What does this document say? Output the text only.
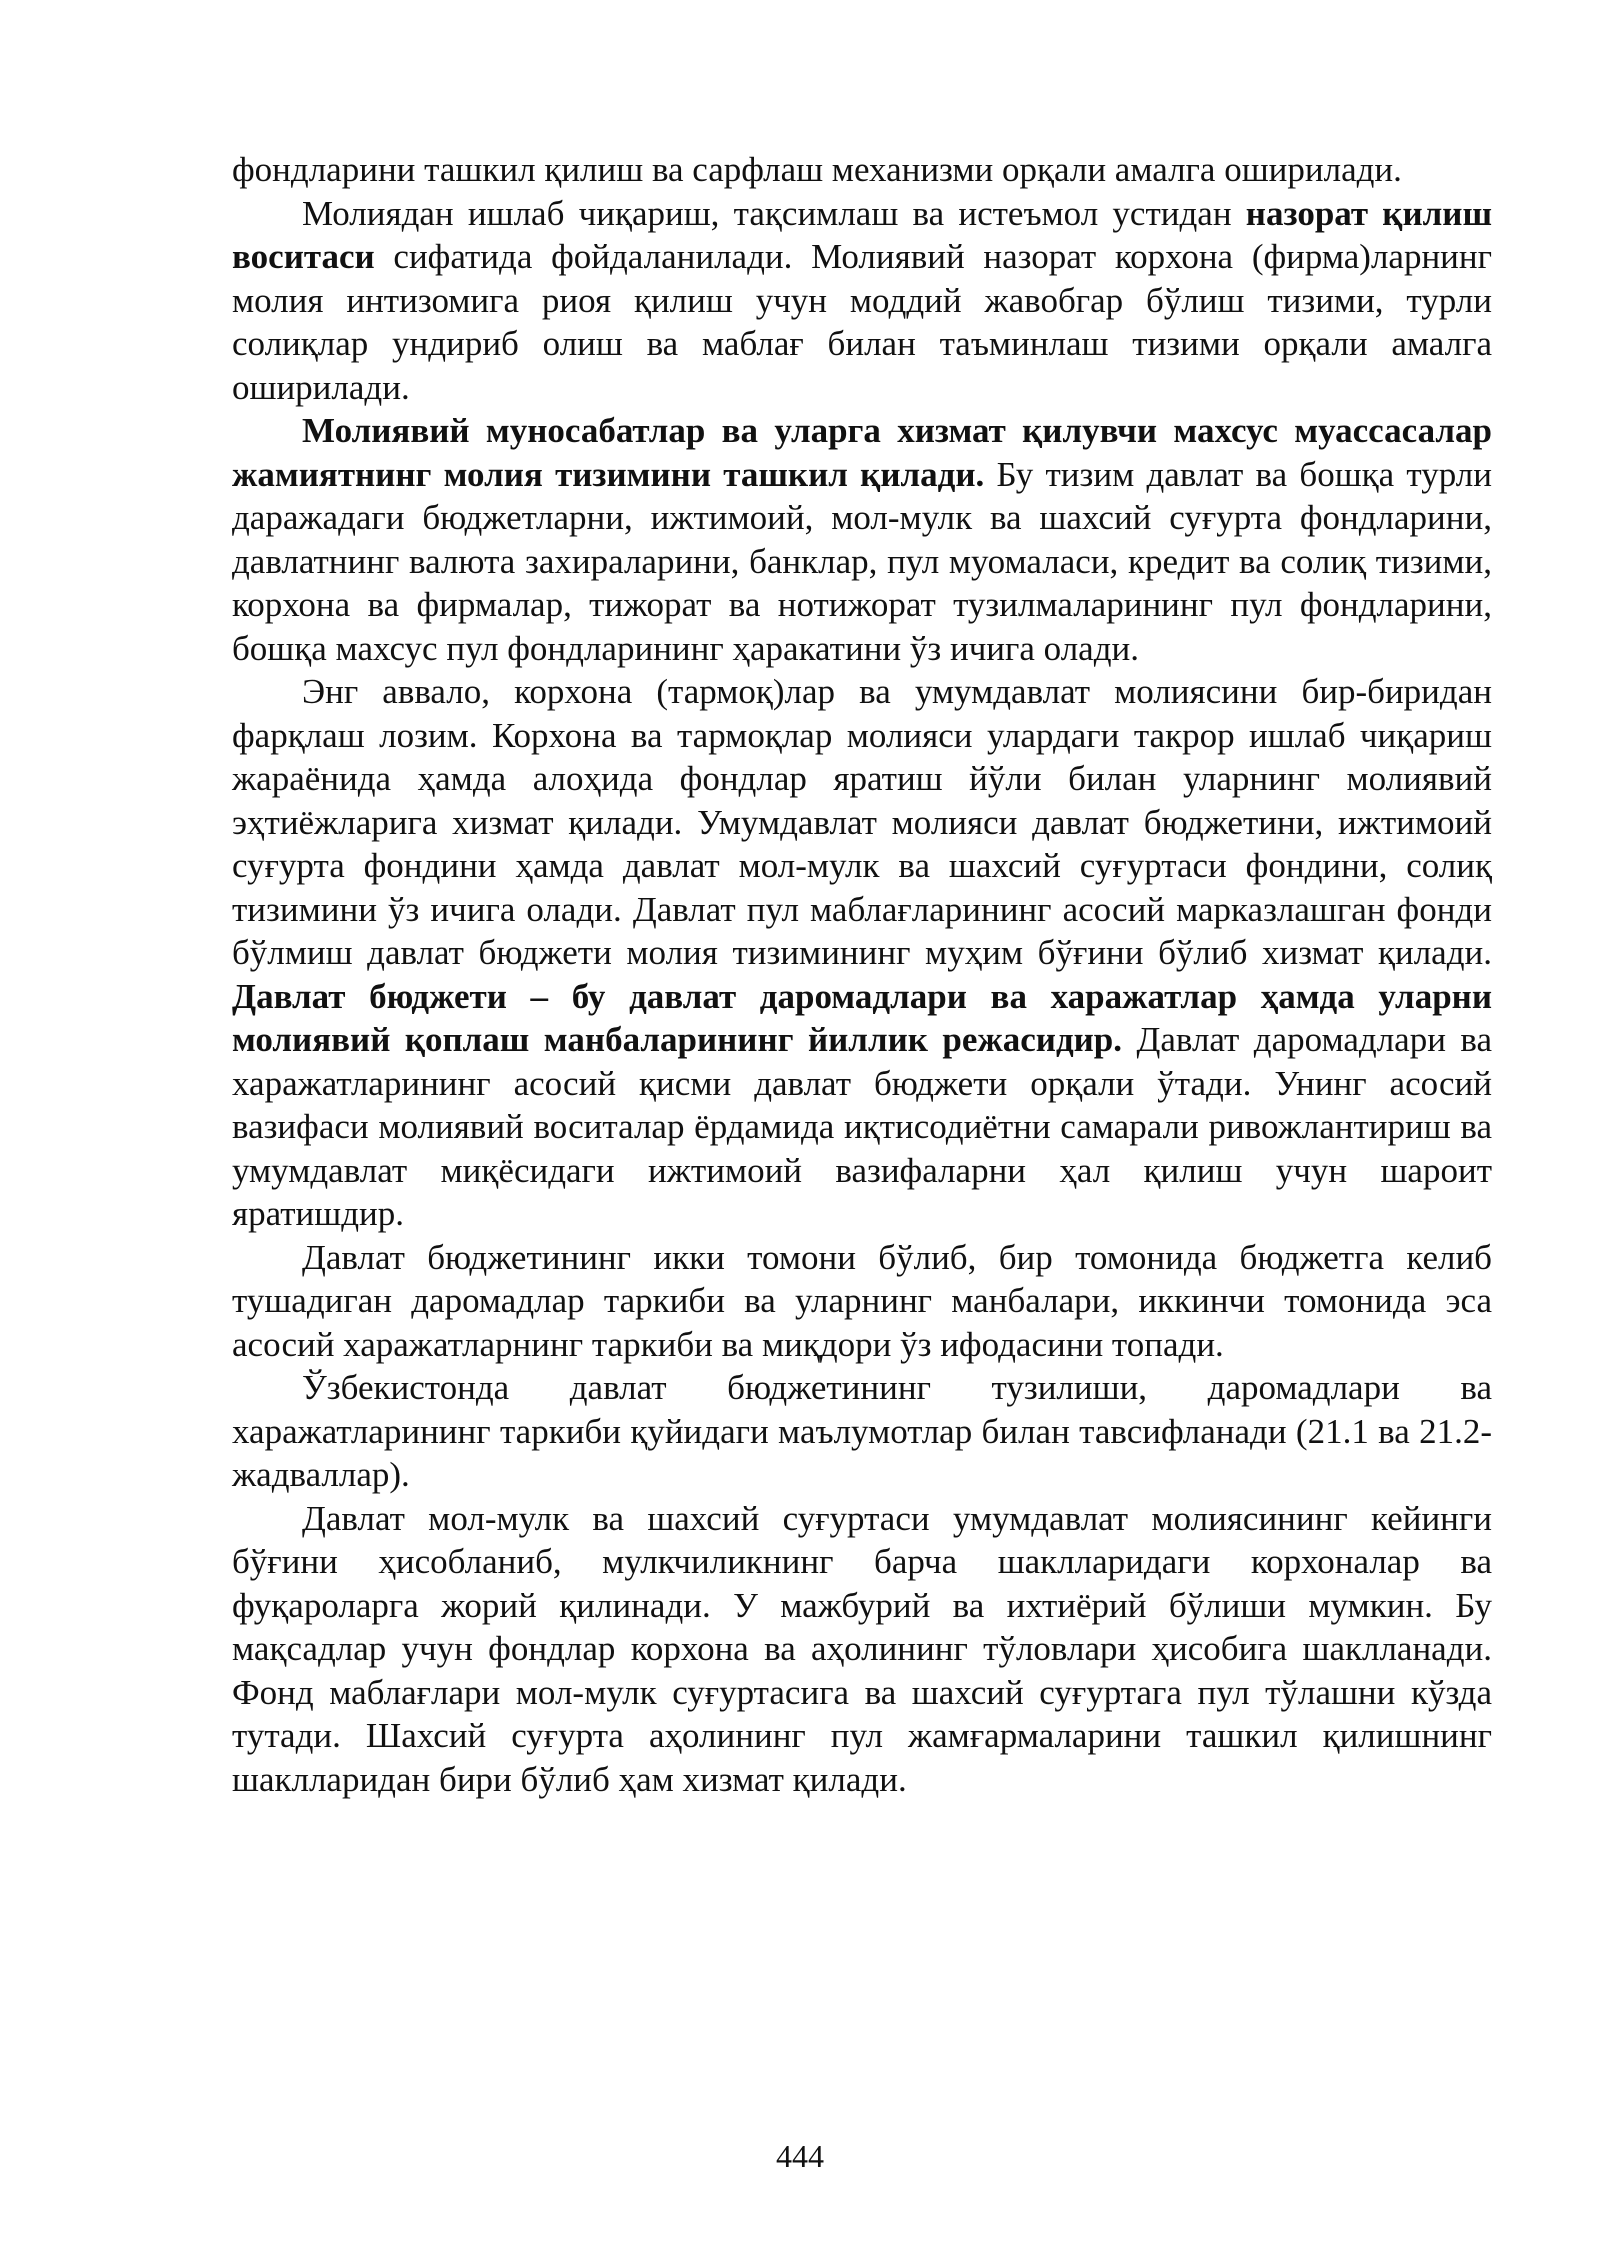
фондларини ташкил қилиш ва сарфлаш механизми орқали амалга оширилади.

Молиядан ишлаб чиқариш, тақсимлаш ва истеъмол устидан назорат қилиш воситаси сифатида фойдаланилади. Молиявий назорат корхона (фирма)ларнинг молия интизомига риоя қилиш учун моддий жавобгар бўлиш тизими, турли солиқлар ундириб олиш ва маблағ билан таъминлаш тизими орқали амалга оширилади.

Молиявий муносабатлар ва уларга хизмат қилувчи махсус муассасалар жамиятнинг молия тизимини ташкил қилади. Бу тизим давлат ва бошқа турли даражадаги бюджетларни, ижтимоий, мол-мулк ва шахсий суғурта фондларини, давлатнинг валюта захираларини, банклар, пул муомаласи, кредит ва солиқ тизими, корхона ва фирмалар, тижорат ва нотижорат тузилмаларининг пул фондларини, бошқа махсус пул фондларининг ҳаракатини ўз ичига олади.

Энг аввало, корхона (тармоқ)лар ва умумдавлат молиясини бир-биридан фарқлаш лозим. Корхона ва тармоқлар молияси улардаги такрор ишлаб чиқариш жараёнида ҳамда алоҳида фондлар яратиш йўли билан уларнинг молиявий эҳтиёжларига хизмат қилади. Умумдавлат молияси давлат бюджетини, ижтимоий суғурта фондини ҳамда давлат мол-мулк ва шахсий суғуртаси фондини, солиқ тизимини ўз ичига олади. Давлат пул маблағларининг асосий марказлашган фонди бўлмиш давлат бюджети молия тизимининг муҳим бўғини бўлиб хизмат қилади. Давлат бюджети – бу давлат даромадлари ва харажатлар ҳамда уларни молиявий қоплаш манбаларининг йиллик режасидир. Давлат даромадлари ва харажатларининг асосий қисми давлат бюджети орқали ўтади. Унинг асосий вазифаси молиявий воситалар ёрдамида иқтисодиётни самарали ривожлантириш ва умумдавлат миқёсидаги ижтимоий вазифаларни ҳал қилиш учун шароит яратишдир.

Давлат бюджетининг икки томони бўлиб, бир томонида бюджетга келиб тушадиган даромадлар таркиби ва уларнинг манбалари, иккинчи томонида эса асосий харажатларнинг таркиби ва миқдори ўз ифодасини топади.

Ўзбекистонда давлат бюджетининг тузилиши, даромадлари ва харажатларининг таркиби қуйидаги маълумотлар билан тавсифланади (21.1 ва 21.2-жадваллар).

Давлат мол-мулк ва шахсий суғуртаси умумдавлат молиясининг кейинги бўғини ҳисобланиб, мулкчиликнинг барча шаклларидаги корхоналар ва фуқароларга жорий қилинади. У мажбурий ва ихтиёрий бўлиши мумкин. Бу мақсадлар учун фондлар корхона ва аҳолининг тўловлари ҳисобига шаклланади. Фонд маблағлари мол-мулк суғуртасига ва шахсий суғуртага пул тўлашни кўзда тутади. Шахсий суғурта аҳолининг пул жамғармаларини ташкил қилишнинг шаклларидан бири бўлиб ҳам хизмат қилади.

444
